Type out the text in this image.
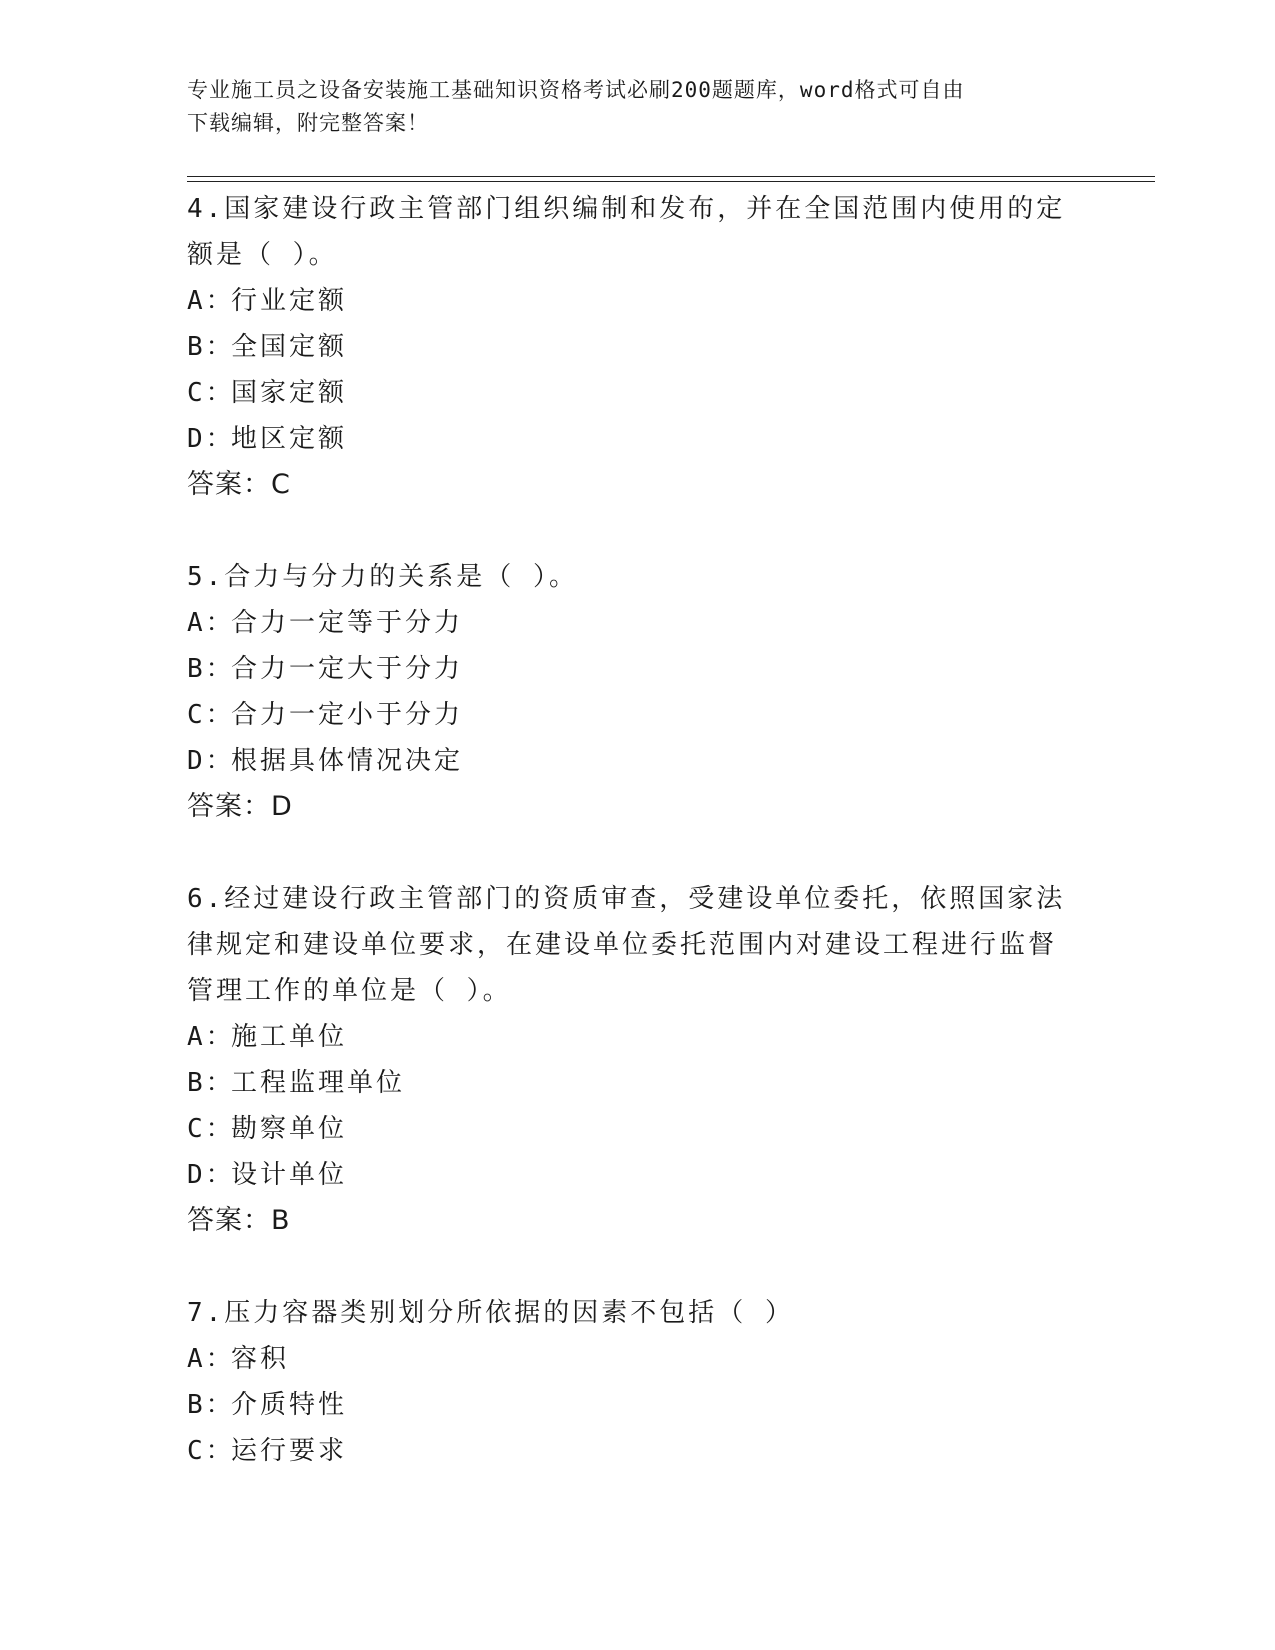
专业施工员之设备安装施工基础知识资格考试必刷200题题库，word格式可自由
下载编辑，附完整答案！

4.国家建设行政主管部门组织编制和发布，并在全国范围内使用的定

额是（ ）。

A：行业定额

B：全国定额

C：国家定额

D：地区定额

答案：C

5.合力与分力的关系是（ ）。

A：合力一定等于分力

B：合力一定大于分力

C：合力一定小于分力

D：根据具体情况决定

答案：D

6.经过建设行政主管部门的资质审查，受建设单位委托，依照国家法

律规定和建设单位要求，在建设单位委托范围内对建设工程进行监督

管理工作的单位是（ ）。

A：施工单位

B：工程监理单位

C：勘察单位

D：设计单位

答案：B

7.压力容器类别划分所依据的因素不包括（ ）

A：容积

B：介质特性

C：运行要求
